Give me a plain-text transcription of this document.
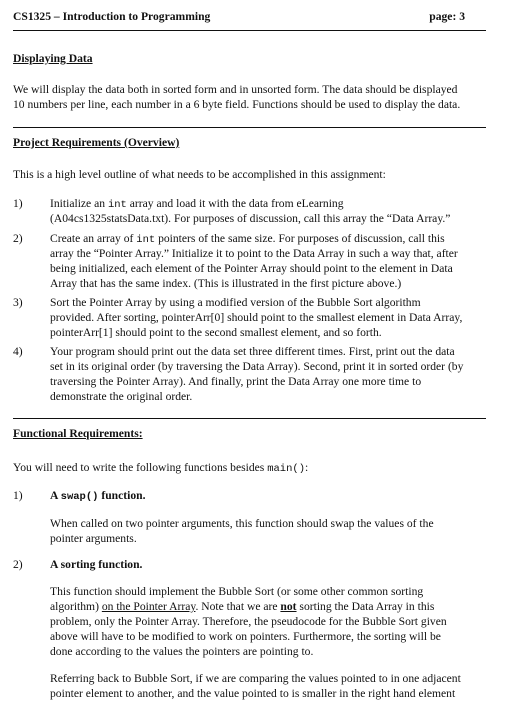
CS1325 – Introduction to Programming	page: 3
Displaying Data
We will display the data both in sorted form and in unsorted form. The data should be displayed
10 numbers per line, each number in a 6 byte field. Functions should be used to display the data.
Project Requirements (Overview)
This is a high level outline of what needs to be accomplished in this assignment:
1) Initialize an int array and load it with the data from eLearning
(A04cs1325statsData.txt). For purposes of discussion, call this array the “Data Array.”
2) Create an array of int pointers of the same size. For purposes of discussion, call this
array the “Pointer Array.” Initialize it to point to the Data Array in such a way that, after
being initialized, each element of the Pointer Array should point to the element in Data
Array that has the same index. (This is illustrated in the first picture above.)
3) Sort the Pointer Array by using a modified version of the Bubble Sort algorithm
provided. After sorting, pointerArr[0] should point to the smallest element in Data Array,
pointerArr[1] should point to the second smallest element, and so forth.
4) Your program should print out the data set three different times. First, print out the data
set in its original order (by traversing the Data Array). Second, print it in sorted order (by
traversing the Pointer Array). And finally, print the Data Array one more time to
demonstrate the original order.
Functional Requirements:
You will need to write the following functions besides main():
1) A swap() function.
When called on two pointer arguments, this function should swap the values of the
pointer arguments.
2) A sorting function.
This function should implement the Bubble Sort (or some other common sorting
algorithm) on the Pointer Array. Note that we are not sorting the Data Array in this
problem, only the Pointer Array. Therefore, the pseudocode for the Bubble Sort given
above will have to be modified to work on pointers. Furthermore, the sorting will be
done according to the values the pointers are pointing to.
Referring back to Bubble Sort, if we are comparing the values pointed to in one adjacent
pointer element to another, and the value pointed to is smaller in the right hand element
